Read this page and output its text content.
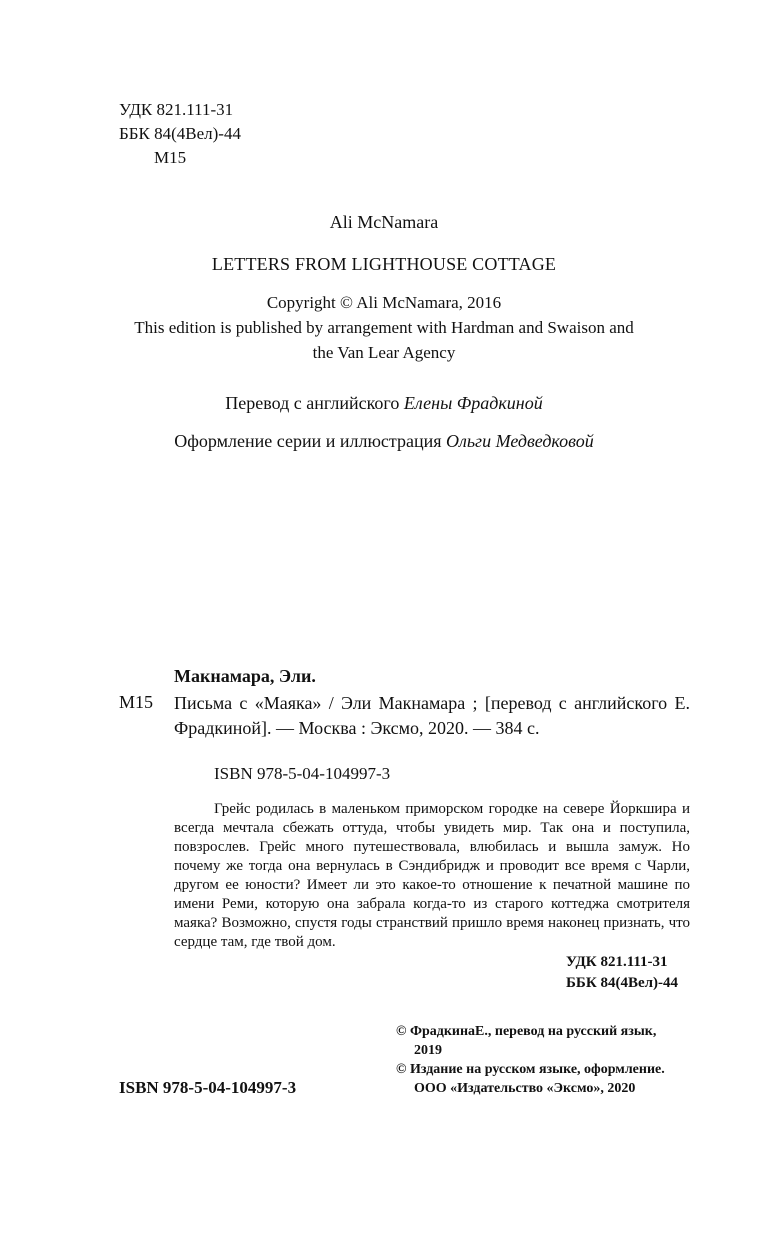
УДК 821.111-31
ББК 84(4Вел)-44
М15
Ali McNamara
LETTERS FROM LIGHTHOUSE COTTAGE
Copyright © Ali McNamara, 2016
This edition is published by arrangement with Hardman and Swaison and
the Van Lear Agency
Перевод с английского Елены Фрадкиной
Оформление серии и иллюстрация Ольги Медведковой
Макнамара, Эли.
М15 Письма с «Маяка» / Эли Макнамара ; [перевод с английского Е. Фрадкиной]. — Москва : Эксмо, 2020. — 384 с.
ISBN 978-5-04-104997-3

Грейс родилась в маленьком приморском городке на севере Йоркшира и всегда мечтала сбежать оттуда, чтобы увидеть мир. Так она и поступила, повзрослев. Грейс много путешествовала, влюбилась и вышла замуж. Но почему же тогда она вернулась в Сэндибридж и проводит все время с Чарли, другом ее юности? Имеет ли это какое-то отношение к печатной машине по имени Реми, которую она забрала когда-то из старого коттеджа смотрителя маяка? Возможно, спустя годы странствий пришло время наконец признать, что сердце там, где твой дом.

УДК 821.111-31
ББК 84(4Вел)-44
© ФрадкинаЕ., перевод на русский язык,
2019
© Издание на русском языке, оформление.
ООО «Издательство «Эксмо», 2020
ISBN 978-5-04-104997-3
